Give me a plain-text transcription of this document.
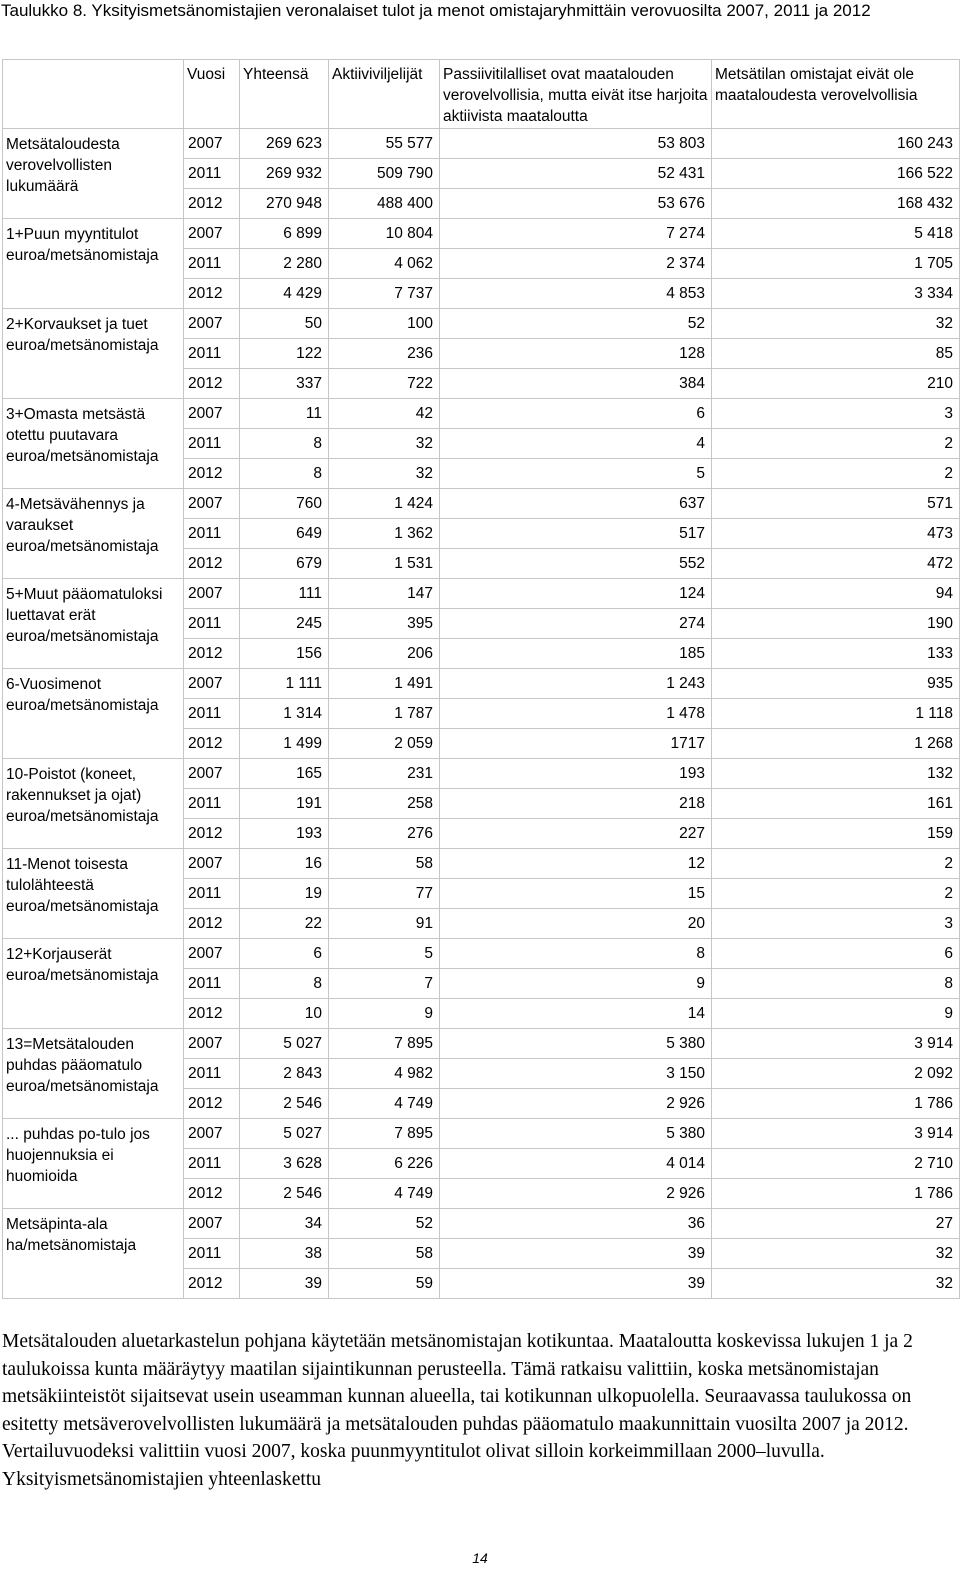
Taulukko 8. Yksityismetsänomistajien veronalaiset tulot ja menot omistajaryhmittäin verovuosilta 2007, 2011 ja 2012
	Vuosi	Yhteensä	Aktiiviviljelijät	Passiivitilalliset ovat maatalouden verovelvollisia, mutta eivät itse harjoita aktiivista maataloutta	Metsätilan omistajat eivät ole maataloudesta verovelvollisia
Metsätaloudesta verovelvollisten lukumäärä	2007	269 623	55 577	53 803	160 243
	2011	269 932	509 790	52 431	166 522
	2012	270 948	488 400	53 676	168 432
1+Puun myyntitulot euroa/metsänomistaja	2007	6 899	10 804	7 274	5 418
	2011	2 280	4 062	2 374	1 705
	2012	4 429	7 737	4 853	3 334
2+Korvaukset ja tuet euroa/metsänomistaja	2007	50	100	52	32
	2011	122	236	128	85
	2012	337	722	384	210
3+Omasta metsästä otettu puutavara euroa/metsänomistaja	2007	11	42	6	3
	2011	8	32	4	2
	2012	8	32	5	2
4-Metsävähennys ja varaukset euroa/metsänomistaja	2007	760	1 424	637	571
	2011	649	1 362	517	473
	2012	679	1 531	552	472
5+Muut pääomatuloksi luettavat erät euroa/metsänomistaja	2007	111	147	124	94
	2011	245	395	274	190
	2012	156	206	185	133
6-Vuosimenot euroa/metsänomistaja	2007	1 111	1 491	1 243	935
	2011	1 314	1 787	1 478	1 118
	2012	1 499	2 059	1717	1 268
10-Poistot (koneet, rakennukset ja ojat) euroa/metsänomistaja	2007	165	231	193	132
	2011	191	258	218	161
	2012	193	276	227	159
11-Menot toisesta tulolähteestä euroa/metsänomistaja	2007	16	58	12	2
	2011	19	77	15	2
	2012	22	91	20	3
12+Korjauserät euroa/metsänomistaja	2007	6	5	8	6
	2011	8	7	9	8
	2012	10	9	14	9
13=Metsätalouden puhdas pääomatulo euroa/metsänomistaja	2007	5 027	7 895	5 380	3 914
	2011	2 843	4 982	3 150	2 092
	2012	2 546	4 749	2 926	1 786
... puhdas po-tulo jos huojennuksia ei huomioida	2007	5 027	7 895	5 380	3 914
	2011	3 628	6 226	4 014	2 710
	2012	2 546	4 749	2 926	1 786
Metsäpinta-ala ha/metsänomistaja	2007	34	52	36	27
	2011	38	58	39	32
	2012	39	59	39	32

Metsätalouden aluetarkastelun pohjana käytetään metsänomistajan kotikuntaa. Maataloutta koskevissa lukujen 1 ja 2 taulukoissa kunta määräytyy maatilan sijaintikunnan perusteella. Tämä ratkaisu valittiin, koska metsänomistajan metsäkiinteistöt sijaitsevat usein useamman kunnan alueella, tai kotikunnan ulkopuolella. Seuraavassa taulukossa on esitetty metsäverovelvollisten lukumäärä ja metsätalouden puhdas pääomatulo maakunnittain vuosilta 2007 ja 2012. Vertailuvuodeksi valittiin vuosi 2007, koska puunmyyntitulot olivat silloin korkeimmillaan 2000–luvulla. Yksityismetsänomistajien yhteenlaskettu

14
